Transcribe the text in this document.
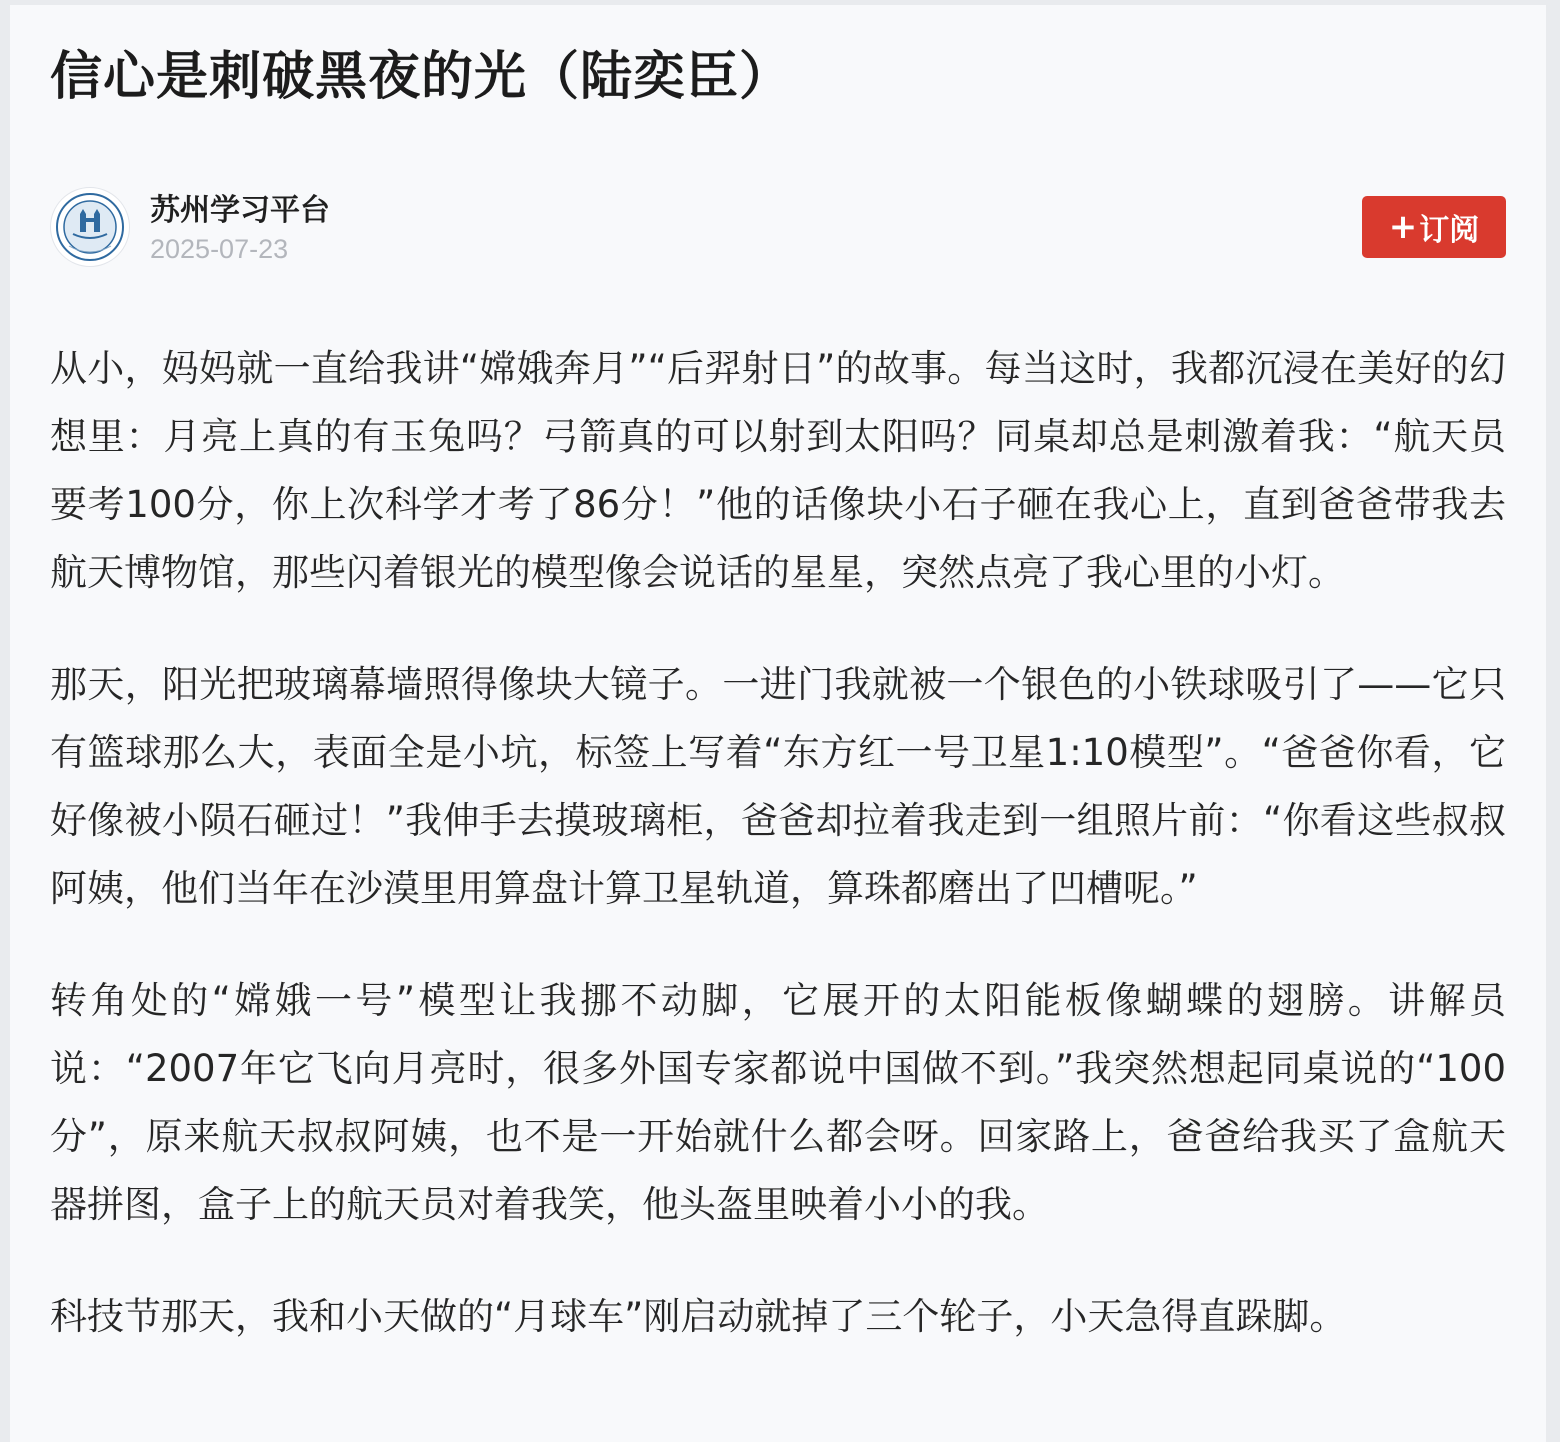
信心是刺破黑夜的光（陆奕臣）
苏州学习平台
2025-07-23
+ 订阅

从小，妈妈就一直给我讲“嫦娥奔月”“后羿射日”的故事。每当这时，我都沉浸在美好的幻想里：月亮上真的有玉兔吗？弓箭真的可以射到太阳吗？同桌却总是刺激着我：“航天员要考100分，你上次科学才考了86分！”他的话像块小石子砸在我心上，直到爸爸带我去航天博物馆，那些闪着银光的模型像会说话的星星，突然点亮了我心里的小灯。

那天，阳光把玻璃幕墙照得像块大镜子。一进门我就被一个银色的小铁球吸引了——它只有篮球那么大，表面全是小坑，标签上写着“东方红一号卫星1:10模型”。“爸爸你看，它好像被小陨石砸过！”我伸手去摸玻璃柜，爸爸却拉着我走到一组照片前：“你看这些叔叔阿姨，他们当年在沙漠里用算盘计算卫星轨道，算珠都磨出了凹槽呢。”

转角处的“嫦娥一号”模型让我挪不动脚，它展开的太阳能板像蝴蝶的翅膀。讲解员说：“2007年它飞向月亮时，很多外国专家都说中国做不到。”我突然想起同桌说的“100分”，原来航天叔叔阿姨，也不是一开始就什么都会呀。回家路上，爸爸给我买了盒航天器拼图，盒子上的航天员对着我笑，他头盔里映着小小的我。

科技节那天，我和小天做的“月球车”刚启动就掉了三个轮子，小天急得直跺脚。
